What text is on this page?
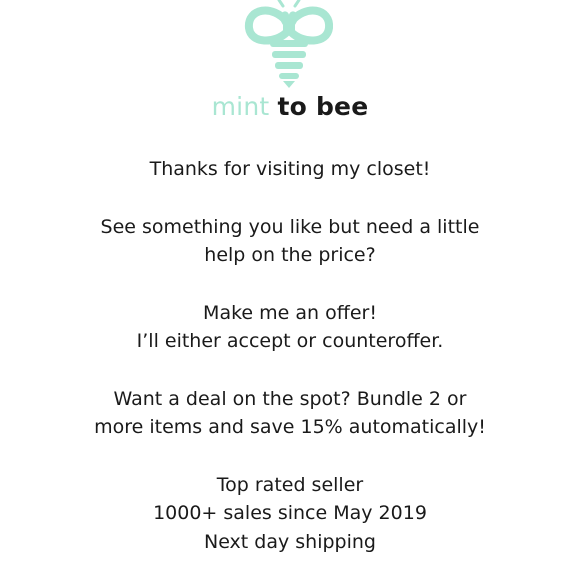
mint to bee
Thanks for visiting my closet!
See something you like but need a little
help on the price?
Make me an offer!
I’ll either accept or counteroffer.
Want a deal on the spot? Bundle 2 or
more items and save 15% automatically!
Top rated seller
1000+ sales since May 2019
Next day shipping
